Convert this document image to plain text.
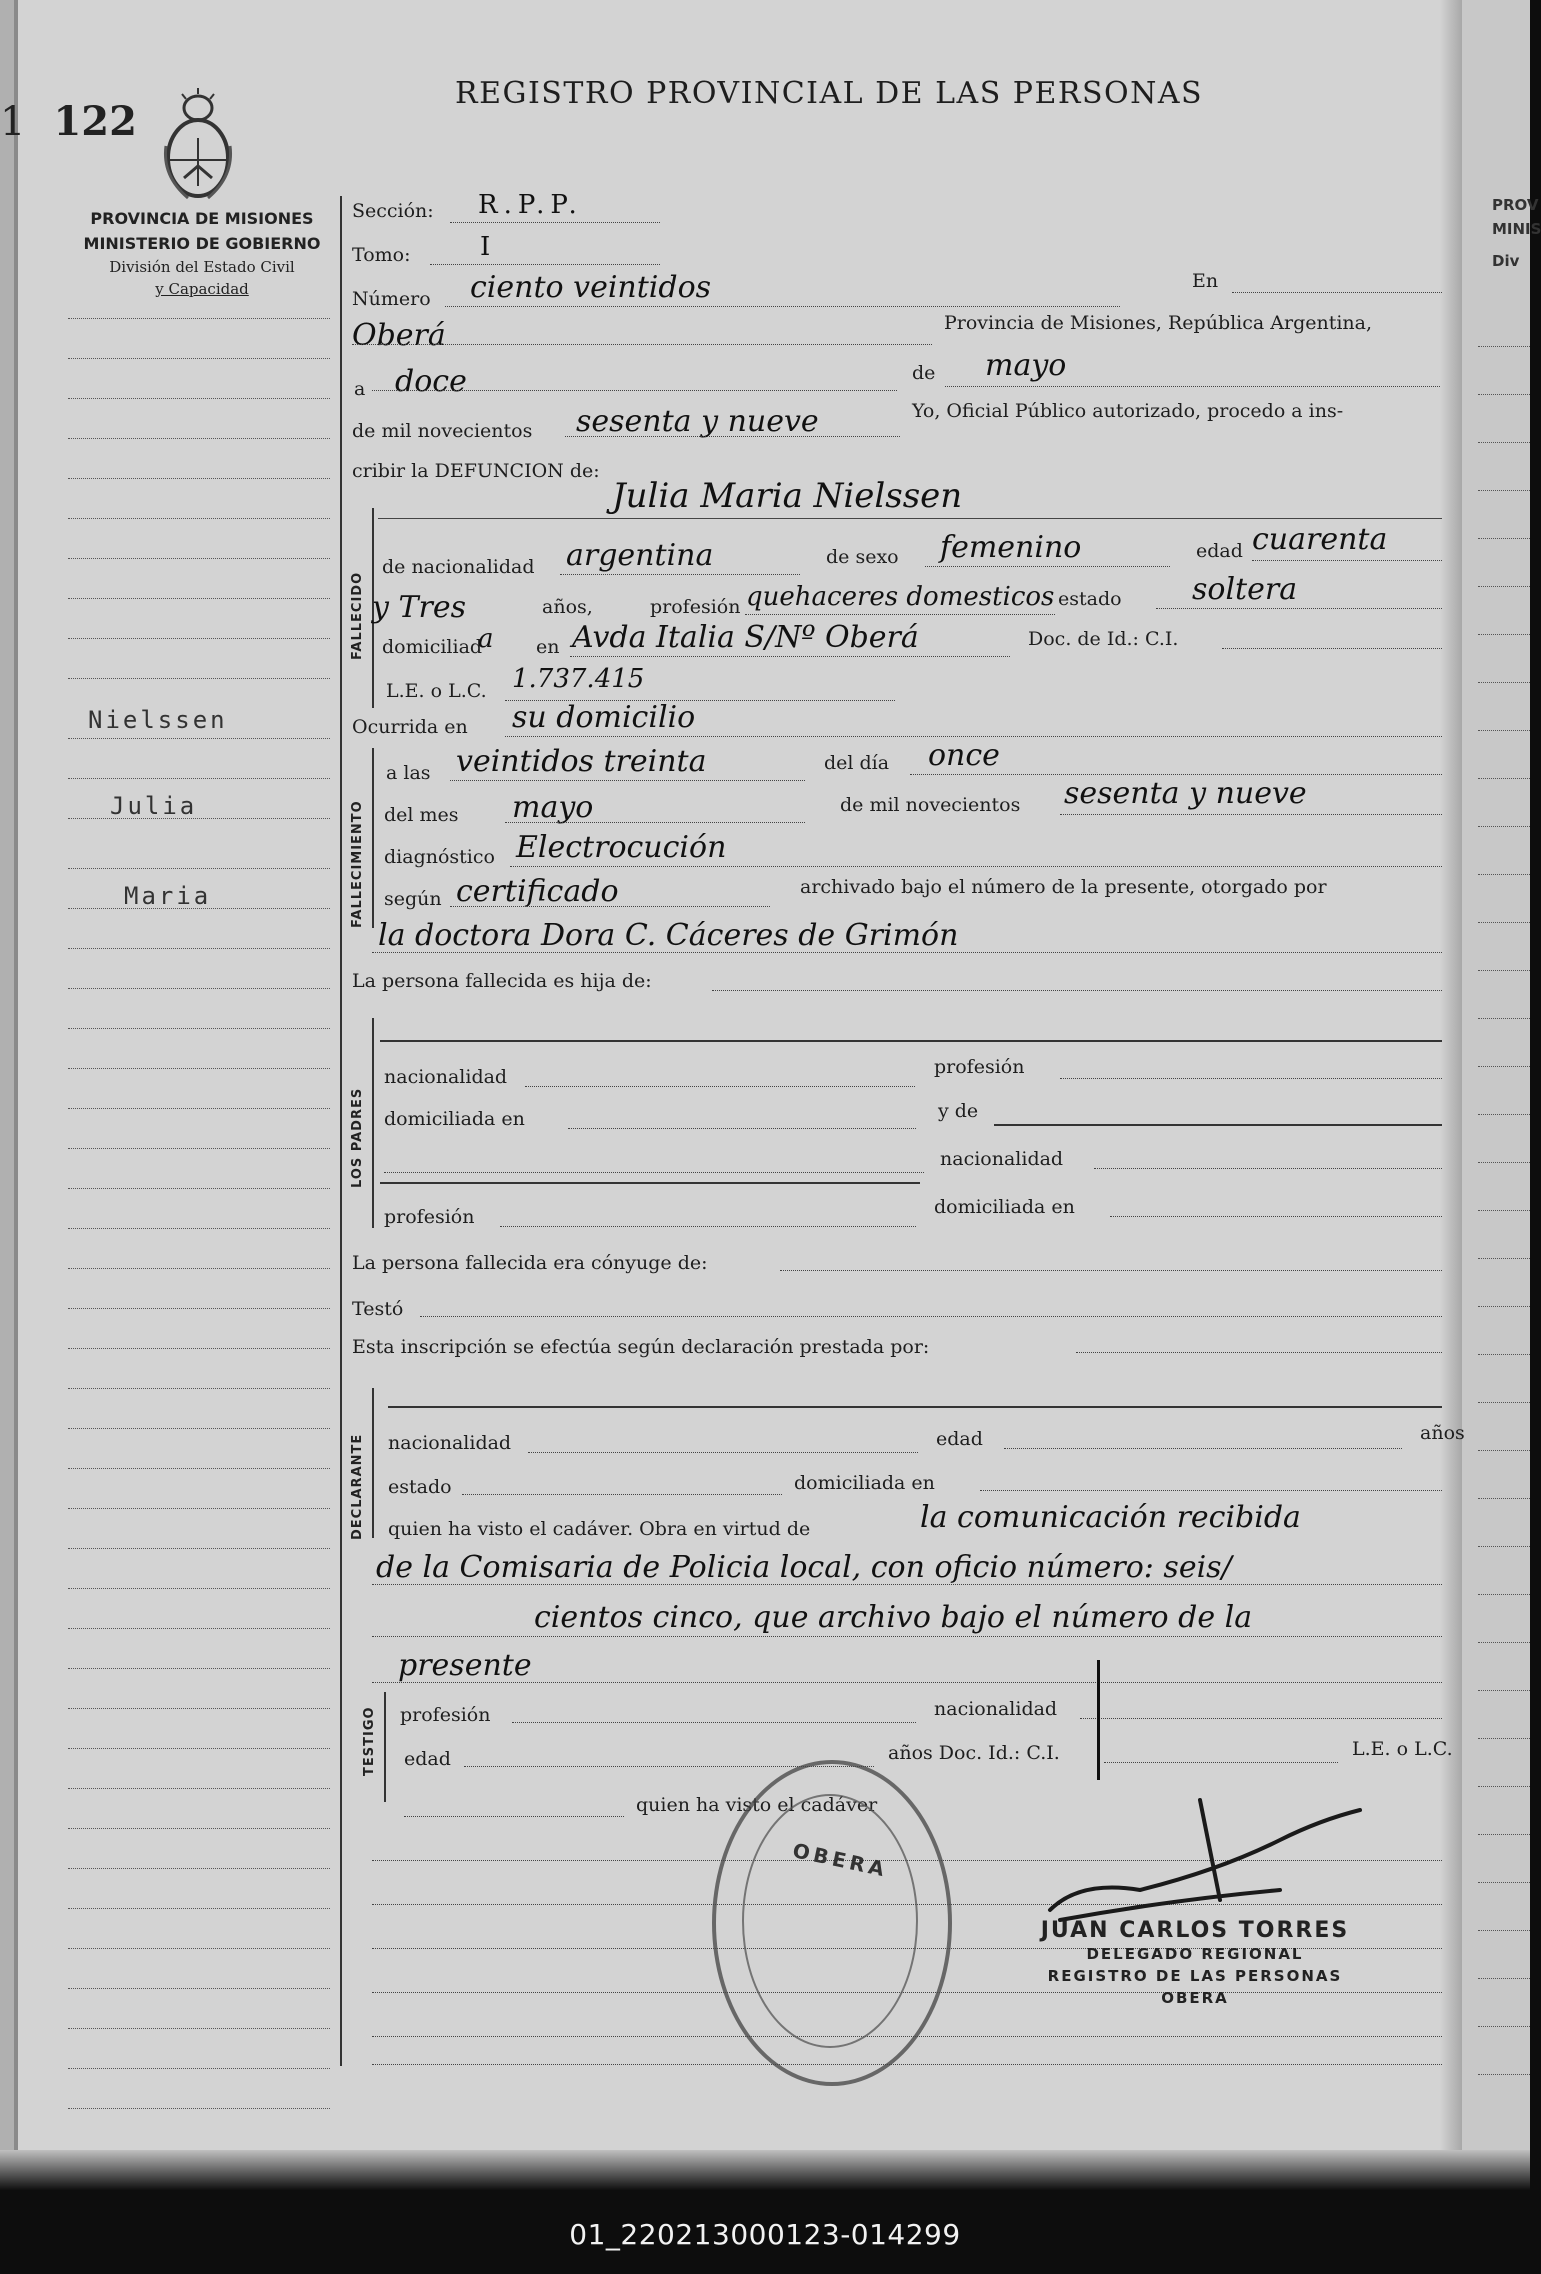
PROV
MINIS
Div
1 122
REGISTRO PROVINCIAL DE LAS PERSONAS
PROVINCIA DE MISIONES
MINISTERIO DE GOBIERNO
División del Estado Civil
y Capacidad
Nielssen
Julia
Maria
Sección: R.P.P.
Tomo:	I
Número ciento veintidos	En
Oberá	Provincia de Misiones, República Argentina,
a doce	de mayo
de mil novecientos sesenta y nueve	Yo, Oficial Público autorizado, procedo a ins-
cribir la DEFUNCION de:
FALLECIDO
Julia Maria Nielssen
de nacionalidad argentina	de sexo femenino	edad cuarenta
y Tres	años,	profesión quehaceres domesticos estado soltera
domiciliad
a en Avda Italia S/Nº Oberá	Doc. de Id.: C.I.
L.E. o L.C. 1.737.415
Ocurrida en su domicilio
FALLECIMIENTO
a las veintidos treinta	del día once
del mes mayo	de mil novecientos sesenta y nueve
diagnóstico Electrocución
según certificado	archivado bajo el número de la presente, otorgado por
la doctora Dora C. Cáceres de Grimón
La persona fallecida es hija de:
LOS PADRES
nacionalidad	profesión
domiciliada en	y de
nacionalidad
profesión	domiciliada en
La persona fallecida era cónyuge de:
Testó
Esta inscripción se efectúa según declaración prestada por:
DECLARANTE nacionalidad	edad	años
estado	domiciliada en
quien ha visto el cadáver. Obra en virtud de	la comunicación recibida
de la Comisaria de Policia local, con oficio número: seis/
cientos cinco, que archivo bajo el número de la
presente
TESTIGO profesión	nacionalidad
edad	años Doc. Id.: C.I.	L.E. o L.C.
quien ha visto el cadáver
OBERA
JUAN CARLOS TORRES
DELEGADO REGIONAL
REGISTRO DE LAS PERSONAS
OBERA
01_220213000123-014299
